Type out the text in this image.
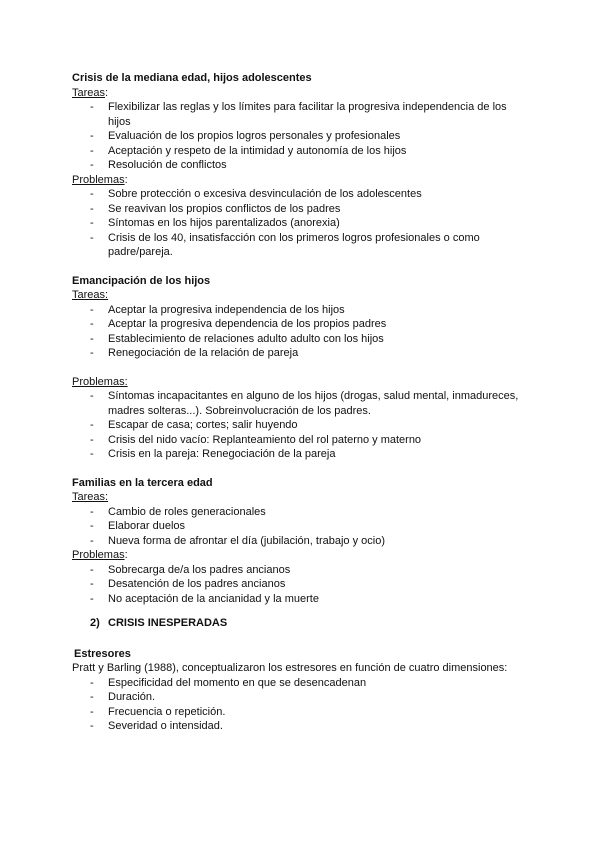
Crisis de la mediana edad, hijos adolescentes
Tareas:
- Flexibilizar las reglas y los límites para facilitar la progresiva independencia de los hijos
- Evaluación de los propios logros personales y profesionales
- Aceptación y respeto de la intimidad y autonomía de los hijos
- Resolución de conflictos
Problemas:
- Sobre protección o excesiva desvinculación de los adolescentes
- Se reavivan los propios conflictos de los padres
- Síntomas en los hijos parentalizados (anorexia)
- Crisis de los 40, insatisfacción con los primeros logros profesionales o como padre/pareja.
Emancipación de los hijos
Tareas:
- Aceptar la progresiva independencia de los hijos
- Aceptar la progresiva dependencia de los propios padres
- Establecimiento de relaciones adulto adulto con los hijos
- Renegociación de la relación de pareja
Problemas:
- Síntomas incapacitantes en alguno de los hijos (drogas, salud mental, inmadureces, madres solteras...). Sobreinvolucración de los padres.
- Escapar de casa; cortes; salir huyendo
- Crisis del nido vacío: Replanteamiento del rol paterno y materno
- Crisis en la pareja: Renegociación de la pareja
Familias en la tercera edad
Tareas:
- Cambio de roles generacionales
- Elaborar duelos
- Nueva forma de afrontar el día (jubilación, trabajo y ocio)
Problemas:
- Sobrecarga de/a los padres ancianos
- Desatención de los padres ancianos
- No aceptación de la ancianidad y la muerte
2) CRISIS INESPERADAS
Estresores
Pratt y Barling (1988), conceptualizaron los estresores en función de cuatro dimensiones:
- Especificidad del momento en que se desencadenan
- Duración.
- Frecuencia o repetición.
- Severidad o intensidad.
